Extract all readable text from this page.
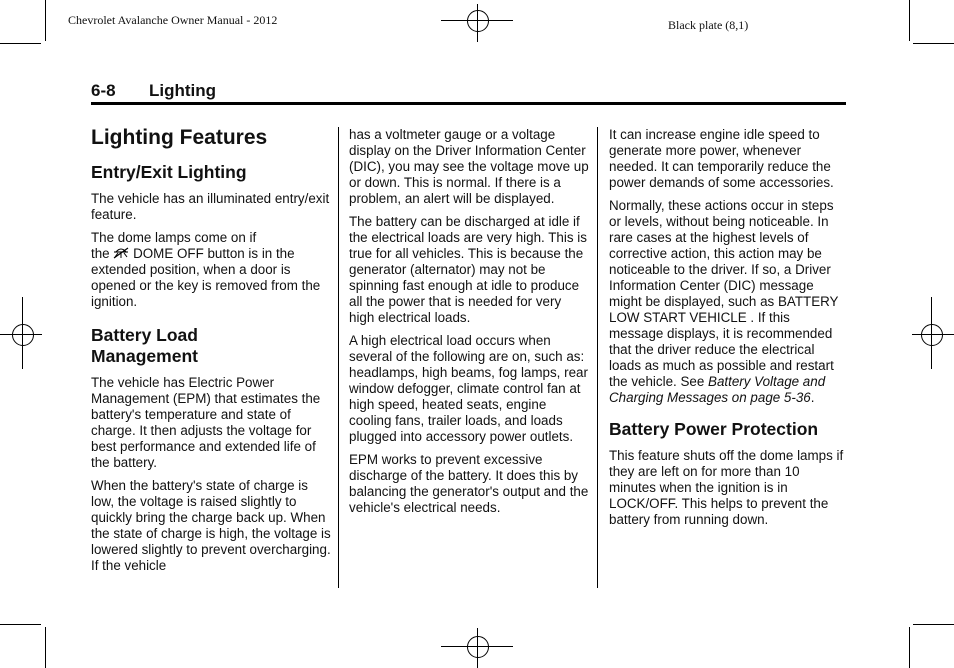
Chevrolet Avalanche Owner Manual - 2012	Black plate (8,1)
6-8 Lighting
Lighting Features
Entry/Exit Lighting

The vehicle has an illuminated entry/exit feature.

The dome lamps come on if
the DOME OFF button is in the extended position, when a door is opened or the key is removed from the ignition.

Battery Load
Management

The vehicle has Electric Power Management (EPM) that estimates the battery's temperature and state of charge. It then adjusts the voltage for best performance and extended life of the battery.

When the battery's state of charge is low, the voltage is raised slightly to quickly bring the charge back up. When the state of charge is high, the voltage is lowered slightly to prevent overcharging. If the vehicle

has a voltmeter gauge or a voltage display on the Driver Information Center (DIC), you may see the voltage move up or down. This is normal. If there is a problem, an alert will be displayed.

The battery can be discharged at idle if the electrical loads are very high. This is true for all vehicles. This is because the generator (alternator) may not be spinning fast enough at idle to produce all the power that is needed for very high electrical loads.

A high electrical load occurs when several of the following are on, such as: headlamps, high beams, fog lamps, rear window defogger, climate control fan at high speed, heated seats, engine cooling fans, trailer loads, and loads plugged into accessory power outlets.

EPM works to prevent excessive discharge of the battery. It does this by balancing the generator's output and the vehicle's electrical needs.

It can increase engine idle speed to generate more power, whenever needed. It can temporarily reduce the power demands of some accessories.

Normally, these actions occur in steps or levels, without being noticeable. In rare cases at the highest levels of corrective action, this action may be noticeable to the driver. If so, a Driver Information Center (DIC) message might be displayed, such as BATTERY LOW START VEHICLE . If this message displays, it is recommended that the driver reduce the electrical loads as much as possible and restart the vehicle. See Battery Voltage and Charging Messages on page 5-36.

Battery Power Protection

This feature shuts off the dome lamps if they are left on for more than 10 minutes when the ignition is in LOCK/OFF. This helps to prevent the battery from running down.
